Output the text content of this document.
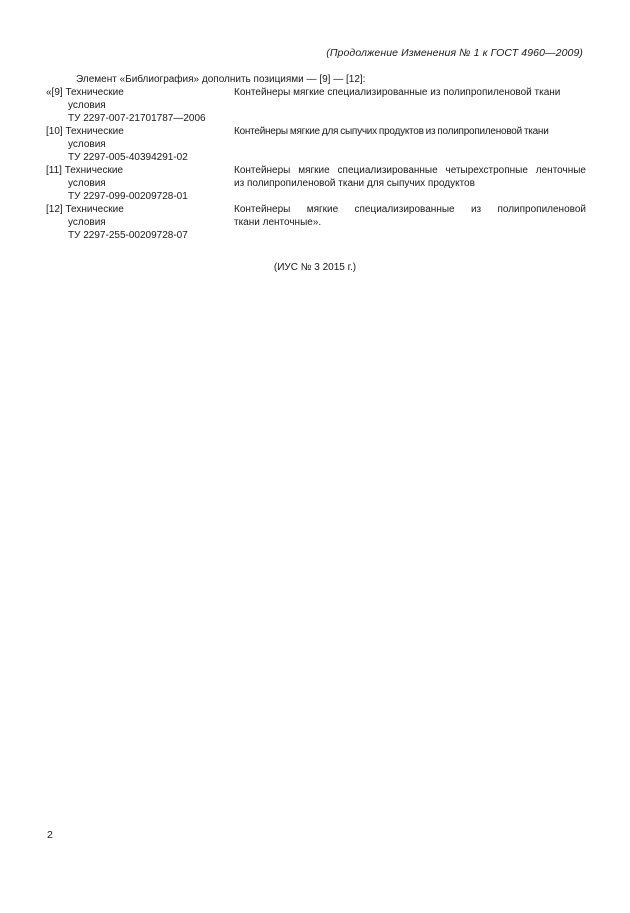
(Продолжение Изменения № 1 к ГОСТ 4960—2009)
Элемент «Библиография» дополнить позициями — [9] — [12]:
«[9] Технические
условия
ТУ 2297-007-21701787—2006
Контейнеры мягкие специализированные из полипропиленовой ткани
[10] Технические
условия
ТУ 2297-005-40394291-02
Контейнеры мягкие для сыпучих продуктов из полипропиленовой ткани
[11] Технические
условия
ТУ 2297-099-00209728-01
Контейнеры мягкие специализированные четырехстропные ленточные
из полипропиленовой ткани для сыпучих продуктов
[12] Технические
условия
ТУ 2297-255-00209728-07
Контейнеры мягкие специализированные из полипропиленовой
ткани ленточные».
(ИУС № 3 2015 г.)
2
